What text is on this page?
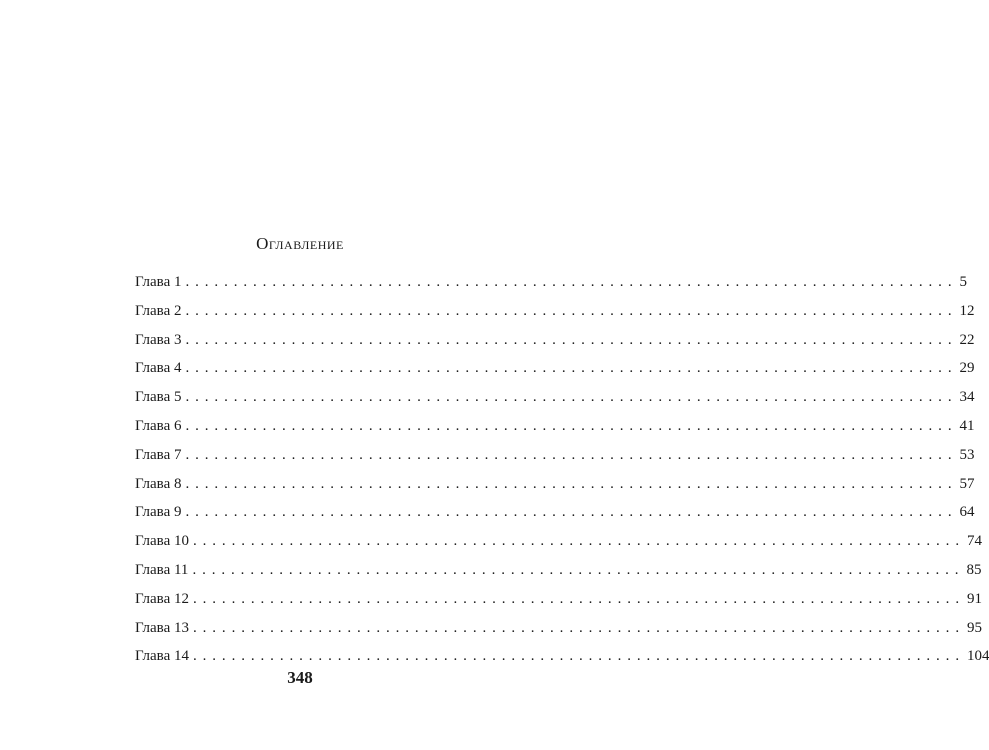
Оглавление
Глава 1 ................................................................................ 5
Глава 2 ................................................................................ 12
Глава 3 ................................................................................ 22
Глава 4 ................................................................................ 29
Глава 5 ................................................................................ 34
Глава 6 ................................................................................ 41
Глава 7 ................................................................................ 53
Глава 8 ................................................................................ 57
Глава 9 ................................................................................ 64
Глава 10 ................................................................................ 74
Глава 11 ................................................................................ 85
Глава 12 ................................................................................ 91
Глава 13 ................................................................................ 95
Глава 14 ................................................................................ 104
348
